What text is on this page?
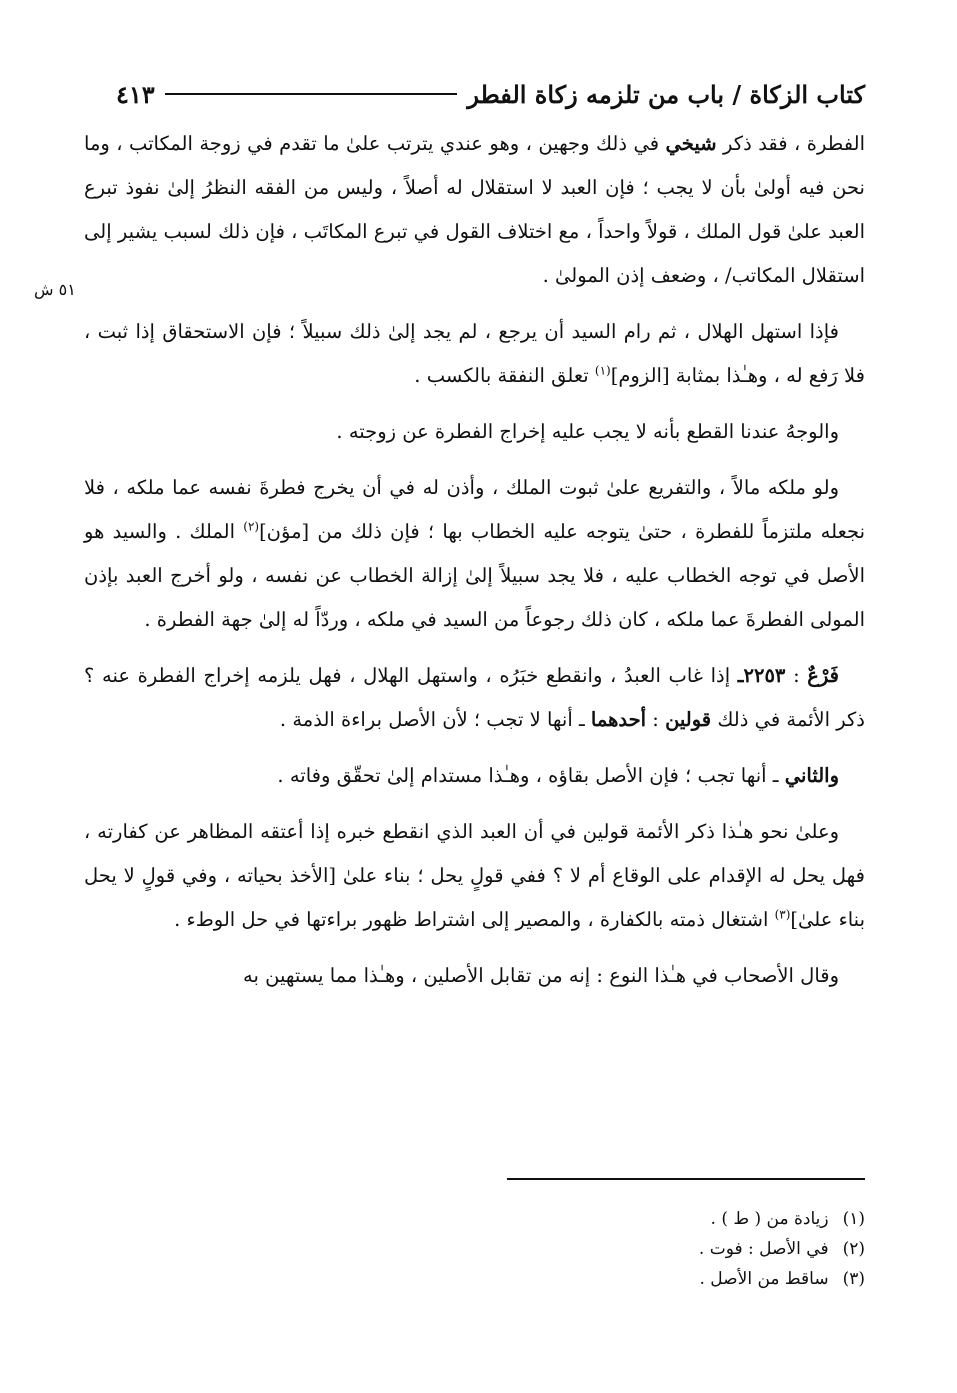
كتاب الزكاة / باب من تلزمه زكاة الفطر
٤١٣
٥١ ش

الفطرة ، فقد ذكر شيخي في ذلك وجهين ، وهو عندي يترتب علىٰ ما تقدم في زوجة المكاتب ، وما نحن فيه أولىٰ بأن لا يجب ؛ فإن العبد لا استقلال له أصلاً ، وليس من الفقه النظرُ إلىٰ نفوذ تبرع العبد علىٰ قول الملك ، قولاً واحداً ، مع اختلاف القول في تبرع المكاتَب ، فإن ذلك لسبب يشير إلى استقلال المكاتب/ ، وضعف إذن المولىٰ .

فإذا استهل الهلال ، ثم رام السيد أن يرجع ، لم يجد إلىٰ ذلك سبيلاً ؛ فإن الاستحقاق إذا ثبت ، فلا رَفع له ، وهـٰذا بمثابة [الزوم]$^{(١)}$ تعلق النفقة بالكسب .

والوجهُ عندنا القطع بأنه لا يجب عليه إخراج الفطرة عن زوجته .

ولو ملكه مالاً ، والتفريع علىٰ ثبوت الملك ، وأذن له في أن يخرج فطرةَ نفسه عما ملكه ، فلا نجعله ملتزماً للفطرة ، حتىٰ يتوجه عليه الخطاب بها ؛ فإن ذلك من [مؤن]$^{(٢)}$ الملك . والسيد هو الأصل في توجه الخطاب عليه ، فلا يجد سبيلاً إلىٰ إزالة الخطاب عن نفسه ، ولو أخرج العبد بإذن المولى الفطرةَ عما ملكه ، كان ذلك رجوعاً من السيد في ملكه ، وردّاً له إلىٰ جهة الفطرة .

فَرْعٌ : ٢٢٥٣ـ إذا غاب العبدُ ، وانقطع خبَرُه ، واستهل الهلال ، فهل يلزمه إخراج الفطرة عنه ؟ ذكر الأئمة في ذلك قولين : أحدهما ـ أنها لا تجب ؛ لأن الأصل براءة الذمة .

والثاني ـ أنها تجب ؛ فإن الأصل بقاؤه ، وهـٰذا مستدام إلىٰ تحقّق وفاته .

وعلىٰ نحو هـٰذا ذكر الأئمة قولين في أن العبد الذي انقطع خبره إذا أعتقه المظاهر عن كفارته ، فهل يحل له الإقدام على الوقاع أم لا ؟ ففي قولٍ يحل ؛ بناء علىٰ [الأخذ بحياته ، وفي قولٍ لا يحل بناء علىٰ]$^{(٣)}$ اشتغال ذمته بالكفارة ، والمصير إلى اشتراط ظهور براءتها في حل الوطء .

وقال الأصحاب في هـٰذا النوع : إنه من تقابل الأصلين ، وهـٰذا مما يستهين به

(١)
زيادة من ( ط ) .
(٢)
في الأصل : فوت .
(٣)
ساقط من الأصل .
